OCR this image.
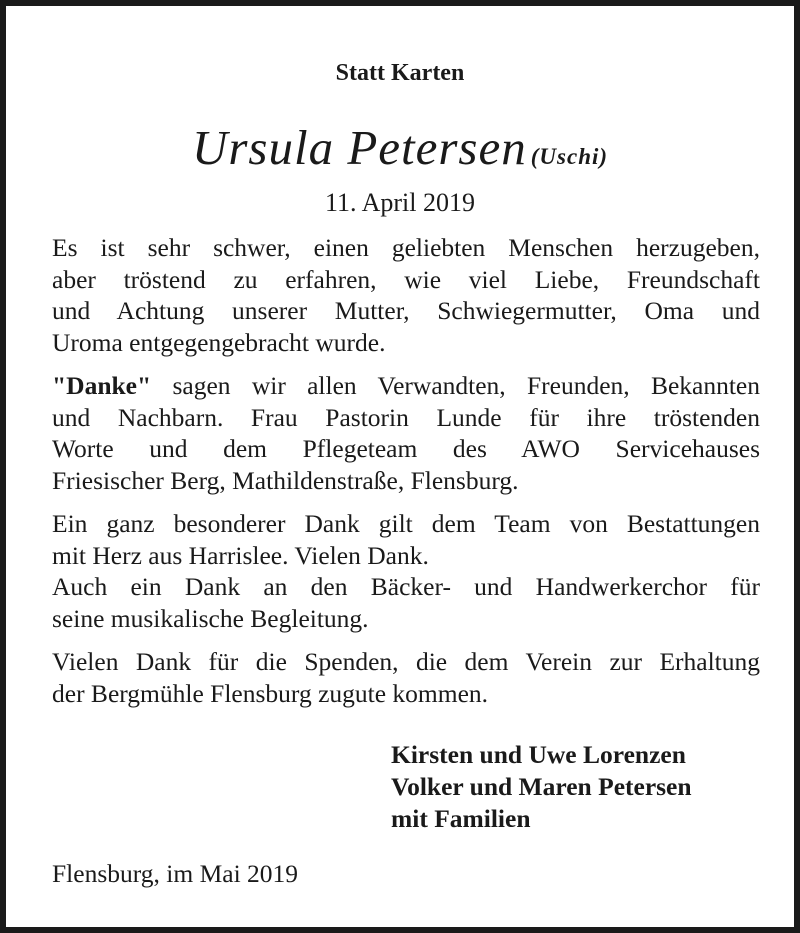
Statt Karten
Ursula Petersen (Uschi)
11. April 2019
Es ist sehr schwer, einen geliebten Menschen herzugeben,
aber tröstend zu erfahren, wie viel Liebe, Freundschaft
und Achtung unserer Mutter, Schwiegermutter, Oma und
Uroma entgegengebracht wurde.
"Danke" sagen wir allen Verwandten, Freunden, Bekannten
und Nachbarn. Frau Pastorin Lunde für ihre tröstenden
Worte und dem Pflegeteam des AWO Servicehauses
Friesischer Berg, Mathildenstraße, Flensburg.
Ein ganz besonderer Dank gilt dem Team von Bestattungen
mit Herz aus Harrislee. Vielen Dank.
Auch ein Dank an den Bäcker- und Handwerkerchor für
seine musikalische Begleitung.
Vielen Dank für die Spenden, die dem Verein zur Erhaltung
der Bergmühle Flensburg zugute kommen.
Kirsten und Uwe Lorenzen
Volker und Maren Petersen
mit Familien
Flensburg, im Mai 2019
